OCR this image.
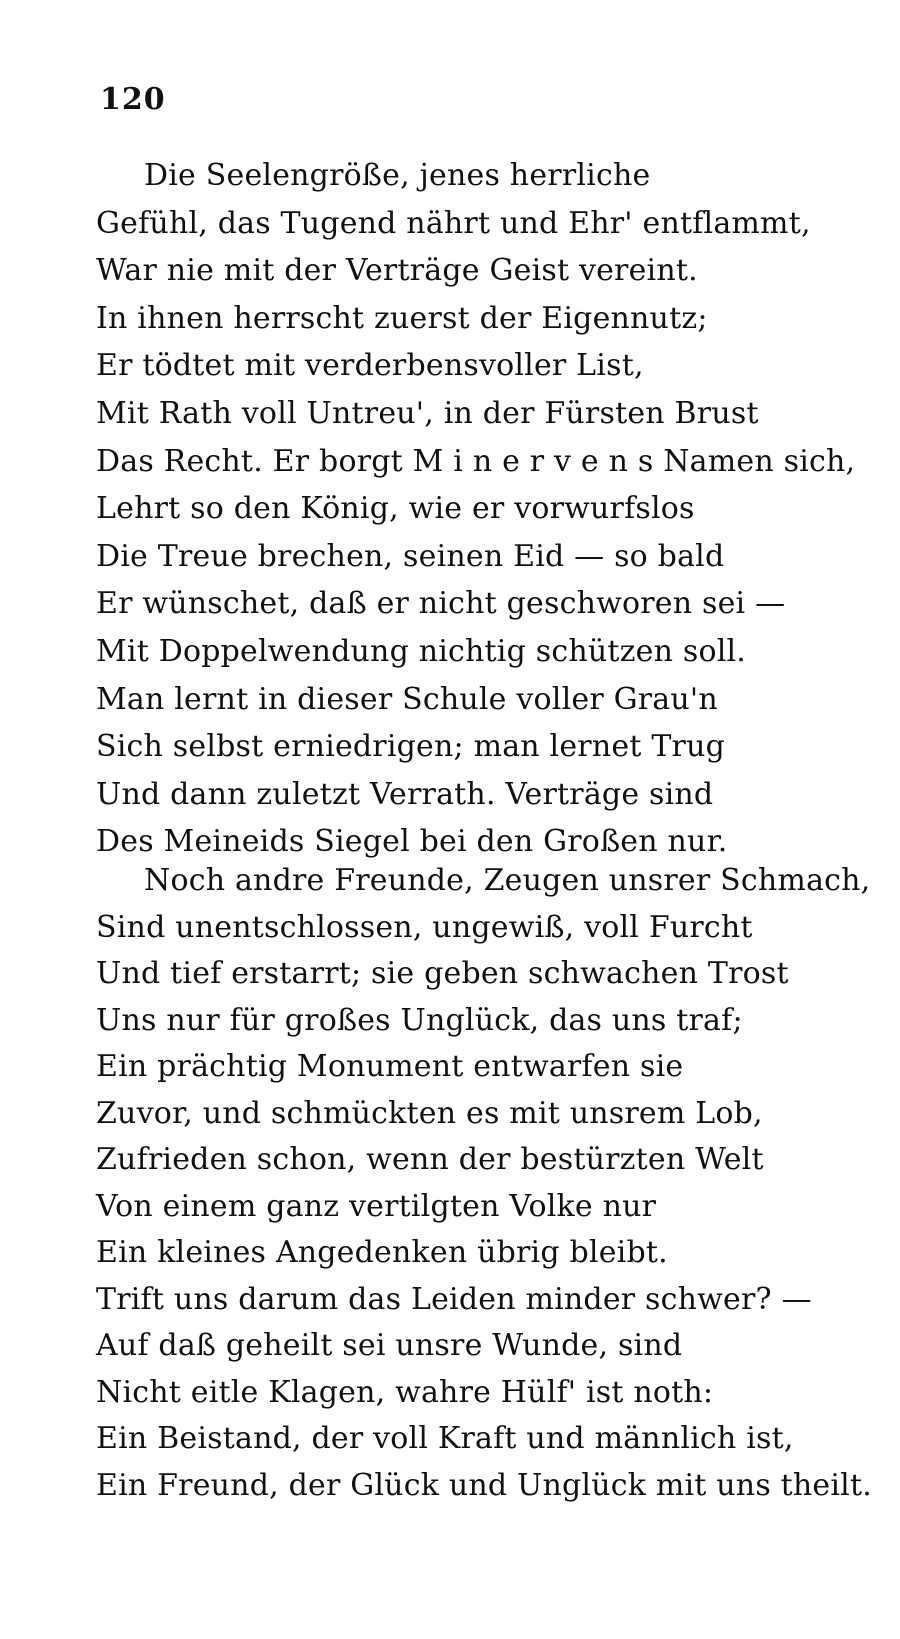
120
Die Seelengröße, jenes herrliche
Gefühl, das Tugend nährt und Ehr' entflammt,
War nie mit der Verträge Geist vereint.
In ihnen herrscht zuerst der Eigennutz;
Er tödtet mit verderbensvoller List,
Mit Rath voll Untreu', in der Fürsten Brust
Das Recht. Er borgt M i n e r v e n s Namen sich,
Lehrt so den König, wie er vorwurfslos
Die Treue brechen, seinen Eid — so bald
Er wünschet, daß er nicht geschworen sei —
Mit Doppelwendung nichtig schützen soll.
Man lernt in dieser Schule voller Grau'n
Sich selbst erniedrigen; man lernet Trug
Und dann zuletzt Verrath. Verträge sind
Des Meineids Siegel bei den Großen nur.
Noch andre Freunde, Zeugen unsrer Schmach,
Sind unentschlossen, ungewiß, voll Furcht
Und tief erstarrt; sie geben schwachen Trost
Uns nur für großes Unglück, das uns traf;
Ein prächtig Monument entwarfen sie
Zuvor, und schmückten es mit unsrem Lob,
Zufrieden schon, wenn der bestürzten Welt
Von einem ganz vertilgten Volke nur
Ein kleines Angedenken übrig bleibt.
Trift uns darum das Leiden minder schwer? —
Auf daß geheilt sei unsre Wunde, sind
Nicht eitle Klagen, wahre Hülf' ist noth:
Ein Beistand, der voll Kraft und männlich ist,
Ein Freund, der Glück und Unglück mit uns theilt.
